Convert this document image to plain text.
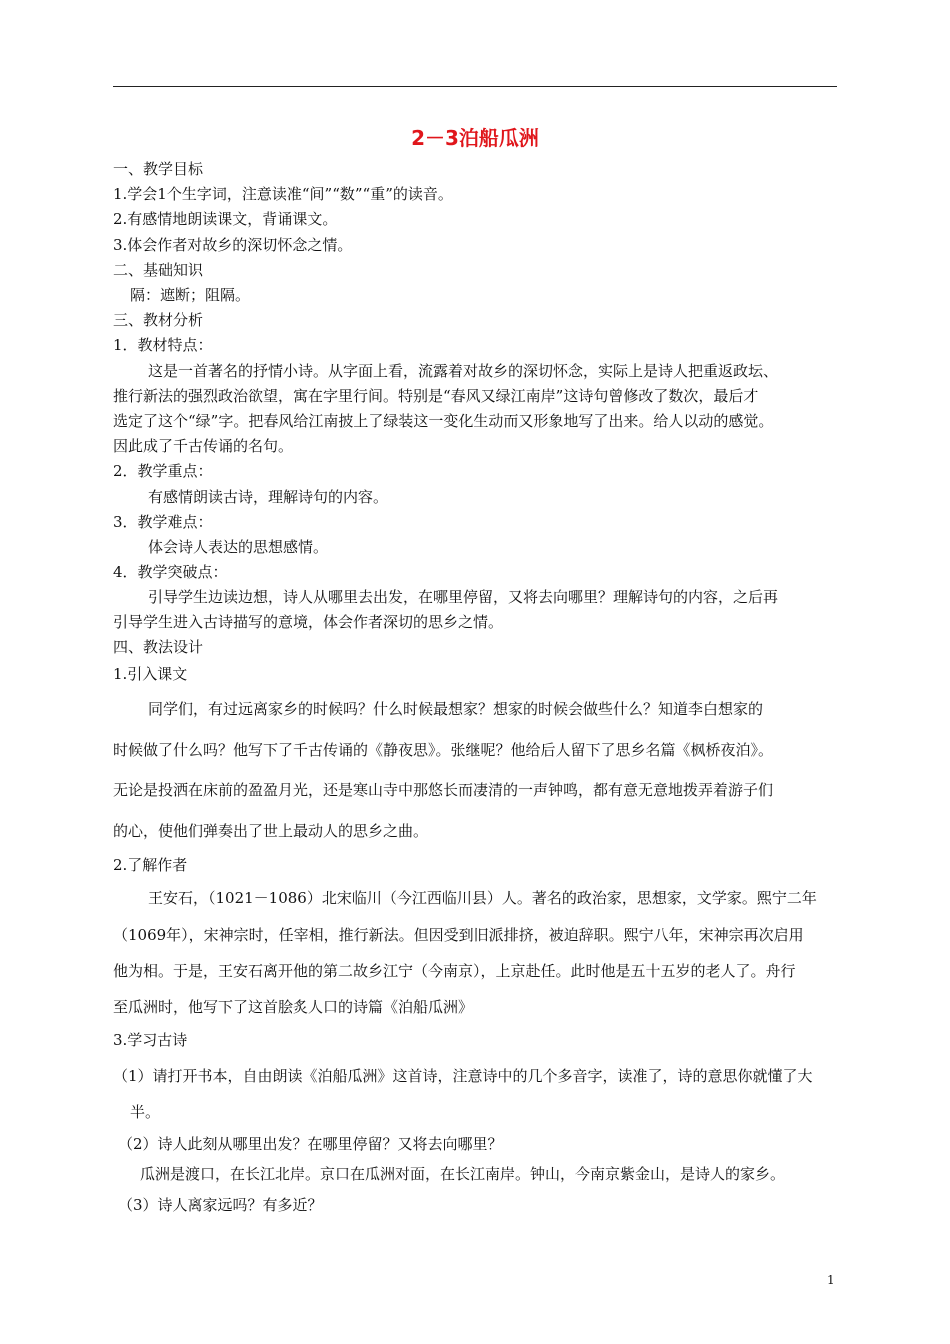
2－3泊船瓜洲
一、教学目标
1.学会1个生字词，注意读准“间”“数”“重”的读音。
2.有感情地朗读课文，背诵课文。
3.体会作者对故乡的深切怀念之情。
二、基础知识
隔：遮断；阻隔。
三、教材分析
1．教材特点：
这是一首著名的抒情小诗。从字面上看，流露着对故乡的深切怀念，实际上是诗人把重返政坛、
推行新法的强烈政治欲望，寓在字里行间。特别是“春风又绿江南岸”这诗句曾修改了数次，最后才
选定了这个“绿”字。把春风给江南披上了绿装这一变化生动而又形象地写了出来。给人以动的感觉。
因此成了千古传诵的名句。
2．教学重点：
有感情朗读古诗，理解诗句的内容。
3．教学难点：
体会诗人表达的思想感情。
4．教学突破点：
引导学生边读边想，诗人从哪里去出发，在哪里停留，又将去向哪里？理解诗句的内容，之后再
引导学生进入古诗描写的意境，体会作者深切的思乡之情。
四、教法设计
1.引入课文
同学们，有过远离家乡的时候吗？什么时候最想家？想家的时候会做些什么？知道李白想家的
时候做了什么吗？他写下了千古传诵的《静夜思》。张继呢？他给后人留下了思乡名篇《枫桥夜泊》。
无论是投洒在床前的盈盈月光，还是寒山寺中那悠长而凄清的一声钟鸣，都有意无意地拨弄着游子们
的心，使他们弹奏出了世上最动人的思乡之曲。
2.了解作者
王安石，（1021－1086）北宋临川（今江西临川县）人。著名的政治家，思想家，文学家。熙宁二年
（1069年），宋神宗时，任宰相，推行新法。但因受到旧派排挤，被迫辞职。熙宁八年，宋神宗再次启用
他为相。于是，王安石离开他的第二故乡江宁（今南京），上京赴任。此时他是五十五岁的老人了。舟行
至瓜洲时，他写下了这首脍炙人口的诗篇《泊船瓜洲》
3.学习古诗
（1）请打开书本，自由朗读《泊船瓜洲》这首诗，注意诗中的几个多音字，读准了，诗的意思你就懂了大
半。
（2）诗人此刻从哪里出发？在哪里停留？又将去向哪里？
瓜洲是渡口，在长江北岸。京口在瓜洲对面，在长江南岸。钟山，今南京紫金山，是诗人的家乡。
（3）诗人离家远吗？有多近？
1
